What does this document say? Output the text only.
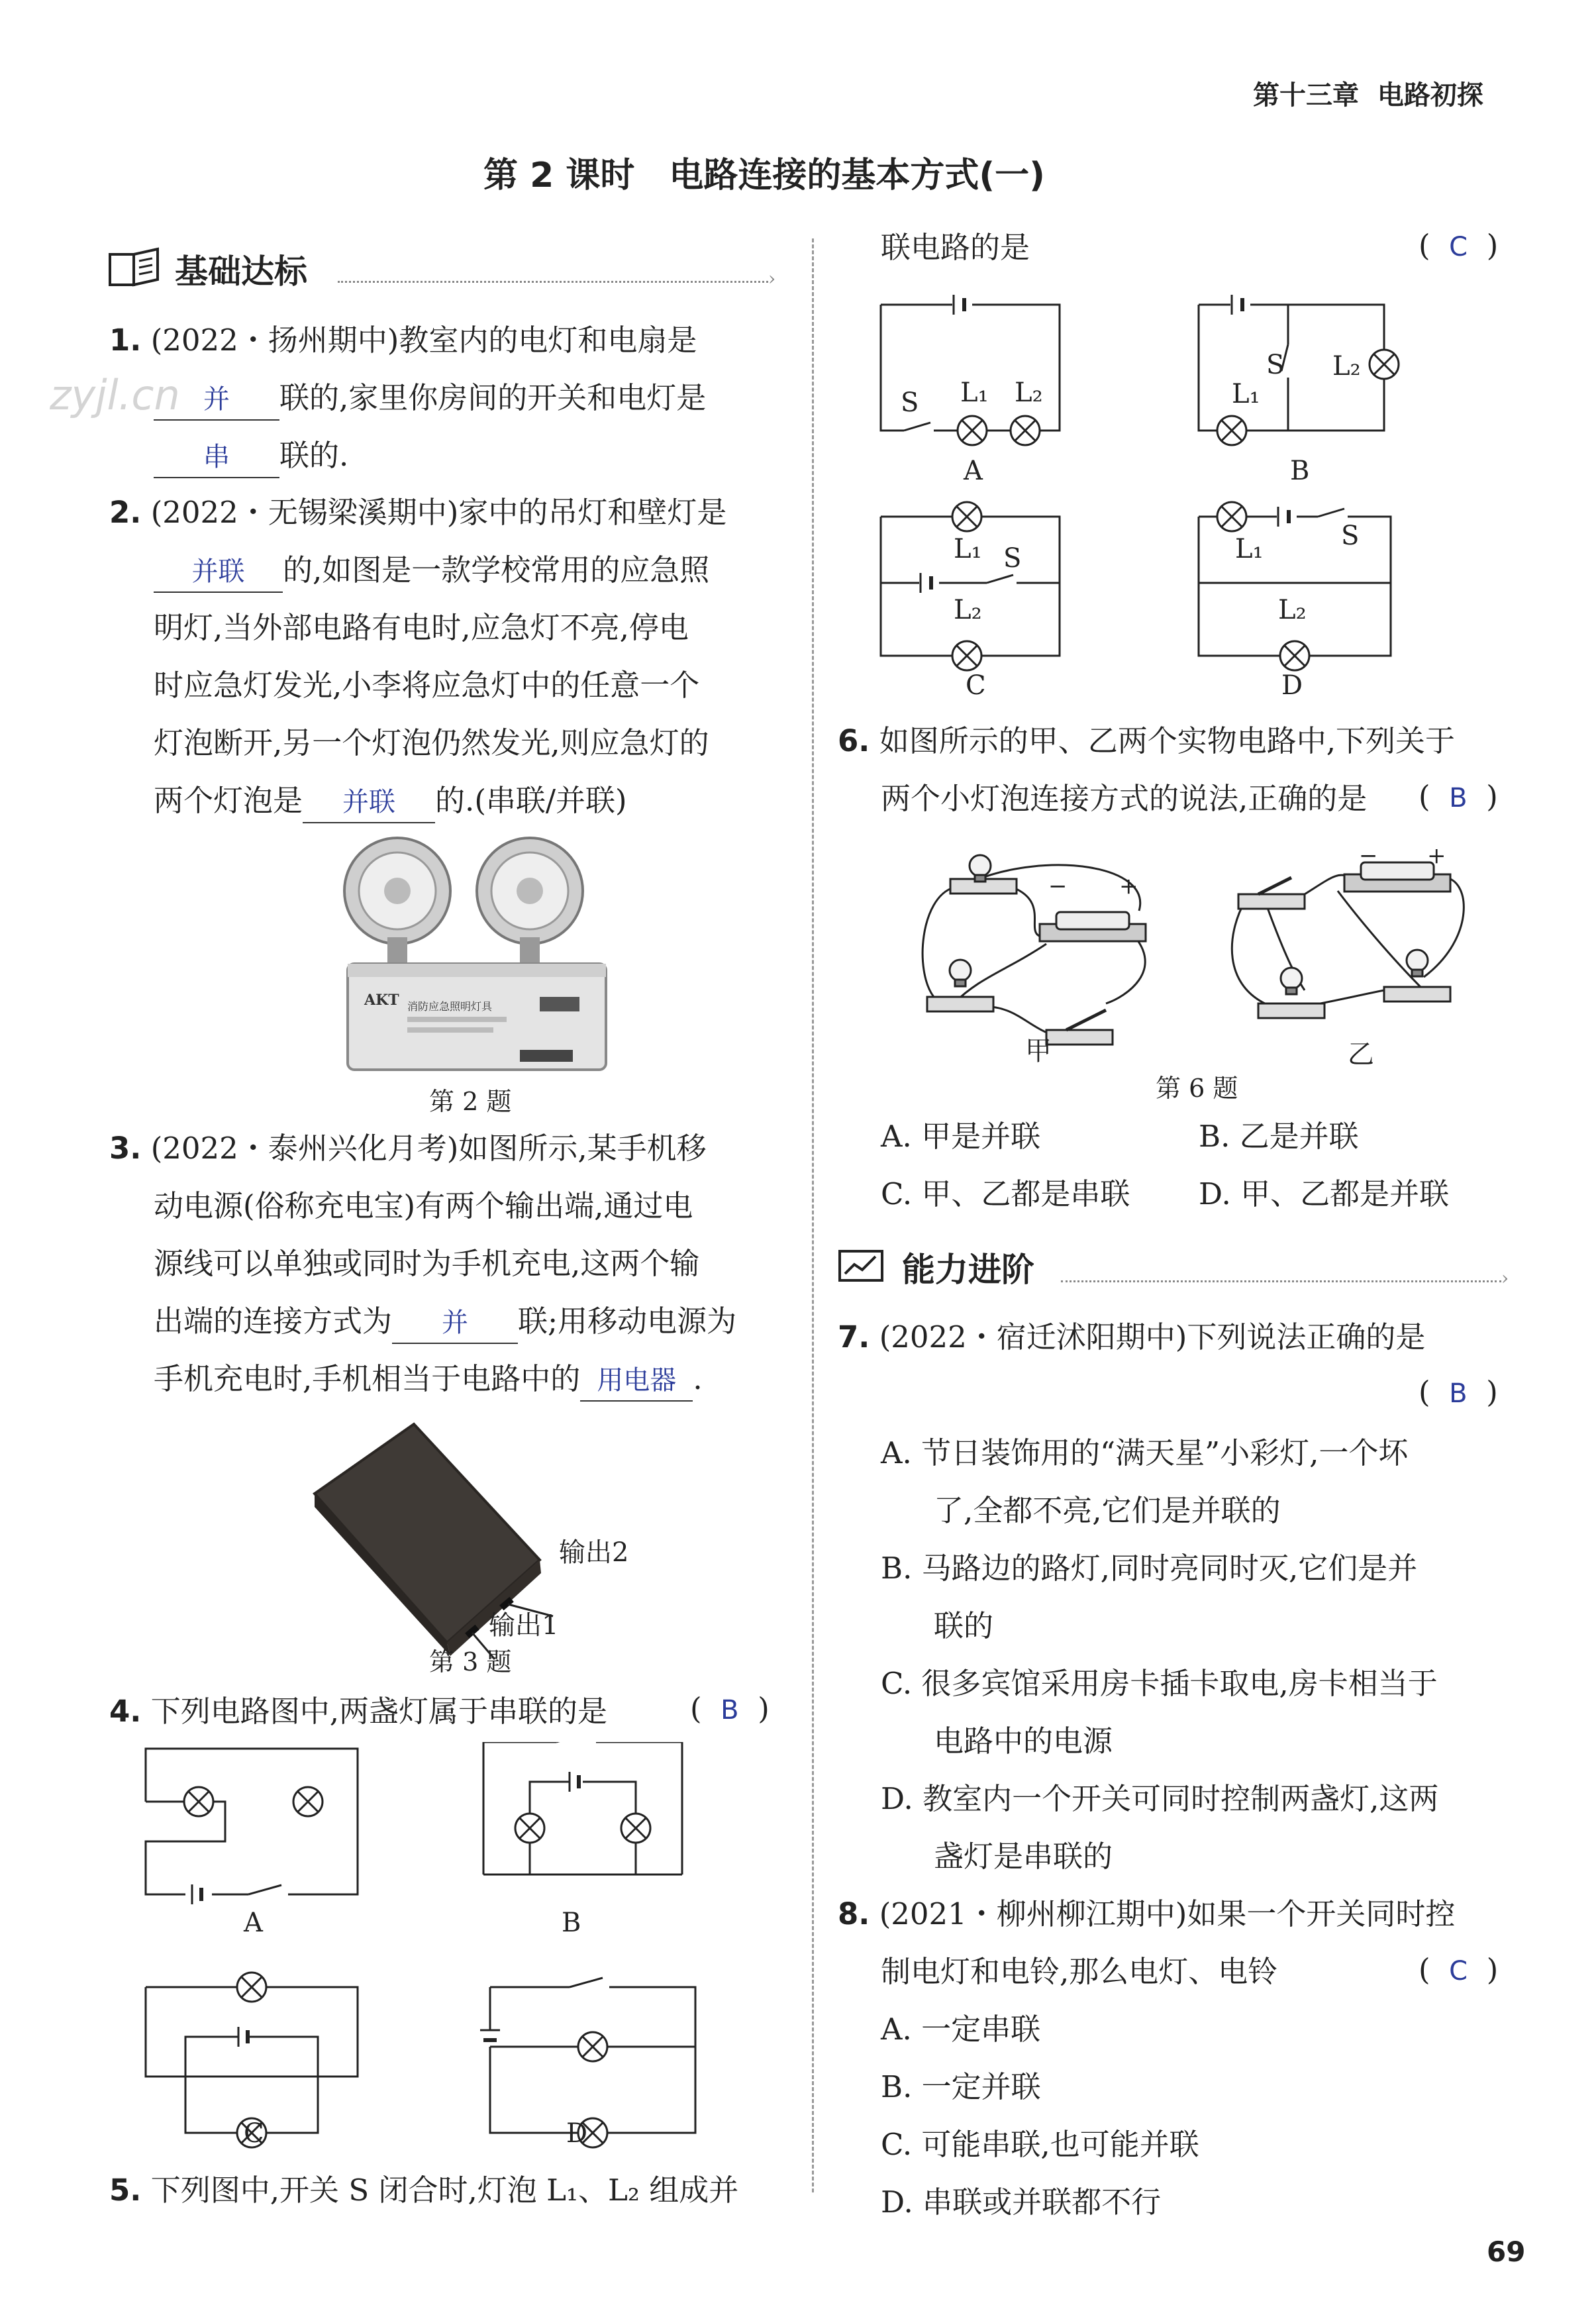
第十三章 电路初探
第 2 课时　电路连接的基本方式(一)
基础达标	›
1. (2022・扬州期中)教室内的电灯和电扇是
并 联的,家里你房间的开关和电灯是
串 联的.
zyjl.cn
2. (2022・无锡梁溪期中)家中的吊灯和壁灯是
并联 的,如图是一款学校常用的应急照
明灯,当外部电路有电时,应急灯不亮,停电
时应急灯发光,小李将应急灯中的任意一个
灯泡断开,另一个灯泡仍然发光,则应急灯的
两个灯泡是 并联 的.(串联/并联)
AKT 消防应急照明灯具
第 2 题
3. (2022・泰州兴化月考)如图所示,某手机移
动电源(俗称充电宝)有两个输出端,通过电
源线可以单独或同时为手机充电,这两个输
出端的连接方式为 并 联;用移动电源为
手机充电时,手机相当于电路中的 用电器 .
输出2
输出1
第 3 题
4. 下列电路图中,两盏灯属于串联的是	(  B  )
A	B
C	D
5. 下列图中,开关 S 闭合时,灯泡 L₁、L₂ 组成并
联电路的是	(  C  )
S L₁ L₂
A
S L₂
L₁
B
L₁ S
L₂
C
L₁	S
L₂
D
6. 如图所示的甲、乙两个实物电路中,下列关于
两个小灯泡连接方式的说法,正确的是 (  B  )
− +
− +
甲	乙
第 6 题
A. 甲是并联	B. 乙是并联
C. 甲、乙都是串联 D. 甲、乙都是并联
能力进阶	›
7. (2022・宿迁沭阳期中)下列说法正确的是
(  B  )
A. 节日装饰用的“满天星”小彩灯,一个坏
了,全都不亮,它们是并联的
B. 马路边的路灯,同时亮同时灭,它们是并
联的
C. 很多宾馆采用房卡插卡取电,房卡相当于
电路中的电源
D. 教室内一个开关可同时控制两盏灯,这两
盏灯是串联的
8. (2021・柳州柳江期中)如果一个开关同时控
制电灯和电铃,那么电灯、电铃	(  C  )
A. 一定串联
B. 一定并联
C. 可能串联,也可能并联
D. 串联或并联都不行
69
